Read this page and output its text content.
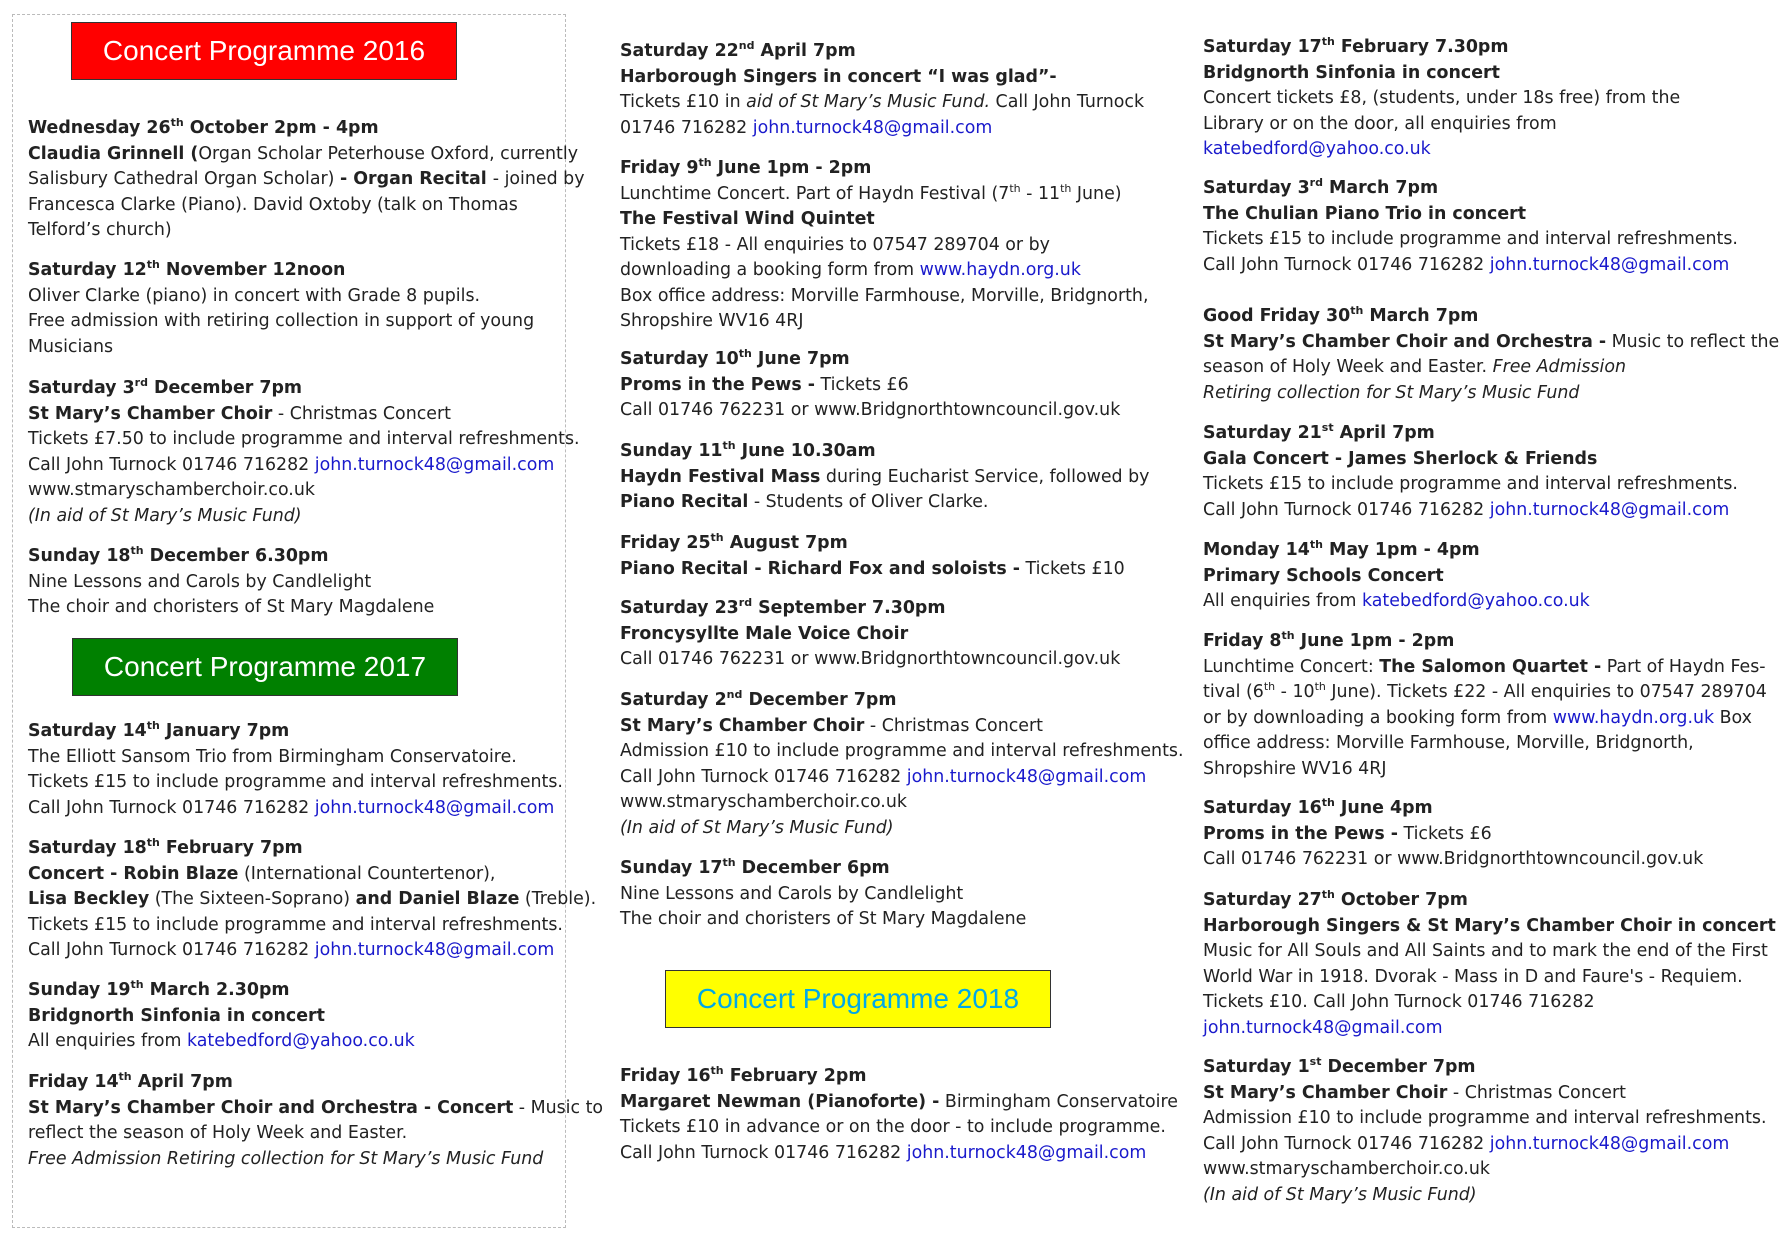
Concert Programme 2016

Wednesday 26th October 2pm - 4pm

Claudia Grinnell (Organ Scholar Peterhouse Oxford, currently

Salisbury Cathedral Organ Scholar) - Organ Recital - joined by

Francesca Clarke (Piano). David Oxtoby (talk on Thomas

Telford’s church)

Saturday 12th November 12noon

Oliver Clarke (piano) in concert with Grade 8 pupils.

Free admission with retiring collection in support of young

Musicians

Saturday 3rd December 7pm

St Mary’s Chamber Choir - Christmas Concert

Tickets £7.50 to include programme and interval refreshments.

Call John Turnock 01746 716282 john.turnock48@gmail.com

www.stmaryschamberchoir.co.uk

(In aid of St Mary’s Music Fund)

Sunday 18th December 6.30pm

Nine Lessons and Carols by Candlelight

The choir and choristers of St Mary Magdalene

Concert Programme 2017

Saturday 14th January 7pm

The Elliott Sansom Trio from Birmingham Conservatoire.

Tickets £15 to include programme and interval refreshments.

Call John Turnock 01746 716282 john.turnock48@gmail.com

Saturday 18th February 7pm

Concert - Robin Blaze (International Countertenor),

Lisa Beckley (The Sixteen-Soprano) and Daniel Blaze (Treble).

Tickets £15 to include programme and interval refreshments.

Call John Turnock 01746 716282 john.turnock48@gmail.com

Sunday 19th March 2.30pm

Bridgnorth Sinfonia in concert

All enquiries from katebedford@yahoo.co.uk

Friday 14th April 7pm

St Mary’s Chamber Choir and Orchestra - Concert - Music to

reflect the season of Holy Week and Easter.

Free Admission Retiring collection for St Mary’s Music Fund

Saturday 22nd April 7pm

Harborough Singers in concert “I was glad”-

Tickets £10 in aid of St Mary’s Music Fund. Call John Turnock

01746 716282 john.turnock48@gmail.com

Friday 9th June 1pm - 2pm

Lunchtime Concert. Part of Haydn Festival (7th - 11th June)

The Festival Wind Quintet

Tickets £18 - All enquiries to 07547 289704 or by

downloading a booking form from www.haydn.org.uk

Box office address: Morville Farmhouse, Morville, Bridgnorth,

Shropshire WV16 4RJ

Saturday 10th June 7pm

Proms in the Pews - Tickets £6

Call 01746 762231 or www.Bridgnorthtowncouncil.gov.uk

Sunday 11th June 10.30am

Haydn Festival Mass during Eucharist Service, followed by

Piano Recital - Students of Oliver Clarke.

Friday 25th August 7pm

Piano Recital - Richard Fox and soloists - Tickets £10

Saturday 23rd September 7.30pm

Froncysyllte Male Voice Choir

Call 01746 762231 or www.Bridgnorthtowncouncil.gov.uk

Saturday 2nd December 7pm

St Mary’s Chamber Choir - Christmas Concert

Admission £10 to include programme and interval refreshments.

Call John Turnock 01746 716282 john.turnock48@gmail.com

www.stmaryschamberchoir.co.uk

(In aid of St Mary’s Music Fund)

Sunday 17th December 6pm

Nine Lessons and Carols by Candlelight

The choir and choristers of St Mary Magdalene

Concert Programme 2018

Friday 16th February 2pm

Margaret Newman (Pianoforte) - Birmingham Conservatoire

Tickets £10 in advance or on the door - to include programme.

Call John Turnock 01746 716282 john.turnock48@gmail.com

Saturday 17th February 7.30pm

Bridgnorth Sinfonia in concert

Concert tickets £8, (students, under 18s free) from the

Library or on the door, all enquiries from

katebedford@yahoo.co.uk

Saturday 3rd March 7pm

The Chulian Piano Trio in concert

Tickets £15 to include programme and interval refreshments.

Call John Turnock 01746 716282 john.turnock48@gmail.com

Good Friday 30th March 7pm

St Mary’s Chamber Choir and Orchestra - Music to reflect the

season of Holy Week and Easter. Free Admission

Retiring collection for St Mary’s Music Fund

Saturday 21st April 7pm

Gala Concert - James Sherlock & Friends

Tickets £15 to include programme and interval refreshments.

Call John Turnock 01746 716282 john.turnock48@gmail.com

Monday 14th May 1pm - 4pm

Primary Schools Concert

All enquiries from katebedford@yahoo.co.uk

Friday 8th June 1pm - 2pm

Lunchtime Concert: The Salomon Quartet - Part of Haydn Fes-

tival (6th - 10th June). Tickets £22 - All enquiries to 07547 289704

or by downloading a booking form from www.haydn.org.uk Box

office address: Morville Farmhouse, Morville, Bridgnorth,

Shropshire WV16 4RJ

Saturday 16th June 4pm

Proms in the Pews - Tickets £6

Call 01746 762231 or www.Bridgnorthtowncouncil.gov.uk

Saturday 27th October 7pm

Harborough Singers & St Mary’s Chamber Choir in concert

Music for All Souls and All Saints and to mark the end of the First

World War in 1918. Dvorak - Mass in D and Faure's - Requiem.

Tickets £10. Call John Turnock 01746 716282

john.turnock48@gmail.com

Saturday 1st December 7pm

St Mary’s Chamber Choir - Christmas Concert

Admission £10 to include programme and interval refreshments.

Call John Turnock 01746 716282 john.turnock48@gmail.com

www.stmaryschamberchoir.co.uk

(In aid of St Mary’s Music Fund)
